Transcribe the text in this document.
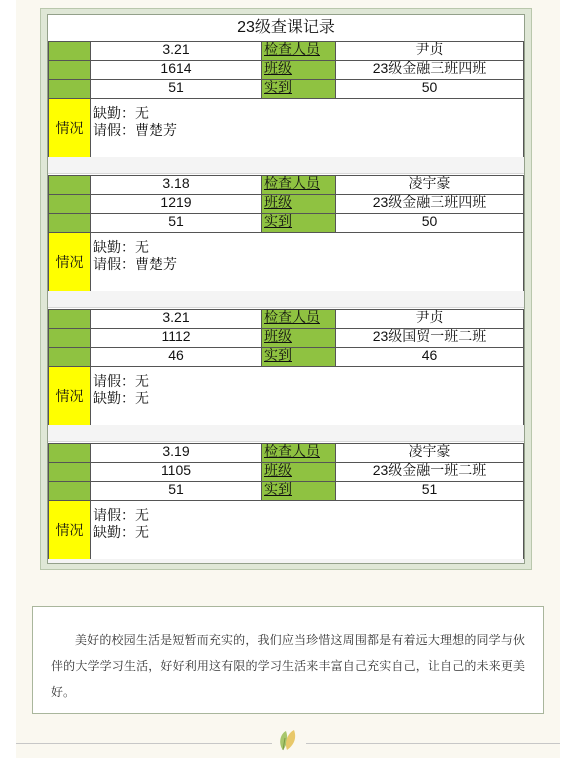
23级查课记录
3.21	检查人员	尹贞
1614	班级	23级金融三班四班
51	实到	50
情况
缺勤：无
请假：曹楚芳
3.18	检查人员	凌宇豪
1219	班级	23级金融三班四班
51	实到	50
情况
缺勤：无
请假：曹楚芳
3.21	检查人员	尹贞
1112	班级	23级国贸一班二班
46	实到	46
情况
请假：无
缺勤：无
3.19	检查人员	凌宇豪
1105	班级	23级金融一班二班
51	实到	51
情况
请假：无
缺勤：无

美好的校园生活是短暂而充实的，我们应当珍惜这周围都是有着远大理想的同学与伙伴的大学学习生活，好好利用这有限的学习生活来丰富自己充实自己，让自己的未来更美好。
